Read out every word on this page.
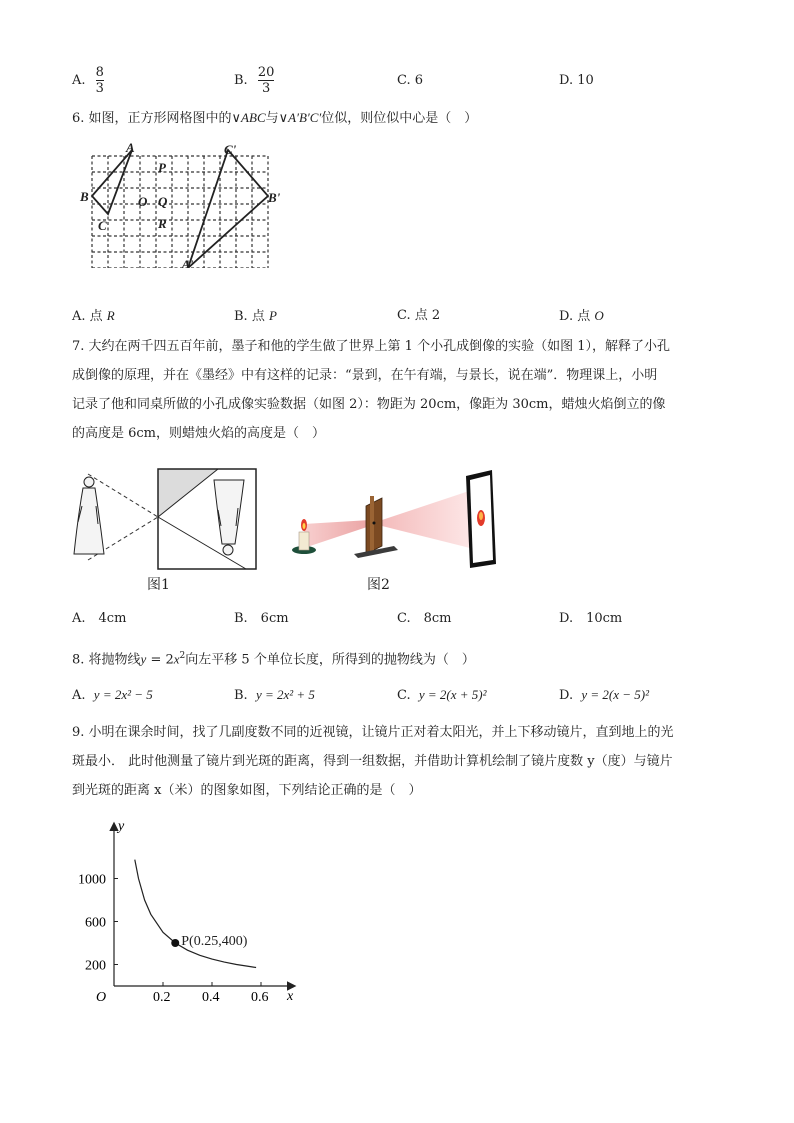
A. $\frac{8}{3}$	B. $\frac{20}{3}$	C. 6	D. 10
6. 如图，正方形网格图中的∨ABC与∨A′B′C′位似，则位似中心是（　）
A
B
C
P
O Q
R
C'
B'
A'
A. 点 R	B. 点 P	C. 点 2	D. 点 O
7. 大约在两千四五百年前，墨子和他的学生做了世界上第 1 个小孔成倒像的实验（如图 1），解释了小孔
成倒像的原理，并在《墨经》中有这样的记录：“景到，在午有端，与景长，说在端”．物理课上，小明
记录了他和同桌所做的小孔成像实验数据（如图 2）：物距为 20cm，像距为 30cm，蜡烛火焰倒立的像
的高度是 6cm，则蜡烛火焰的高度是（　）
图1	图2
A.　4cm	B.　6cm	C.　8cm	D.　10cm
8. 将抛物线$y = 2x^2$向左平移 5 个单位长度，所得到的抛物线为（　）
A. y = 2x² − 5	B. y = 2x² + 5	C. y = 2(x + 5)²	D. y = 2(x − 5)²
9. 小明在课余时间，找了几副度数不同的近视镜，让镜片正对着太阳光，并上下移动镜片，直到地上的光
斑最小． 此时他测量了镜片到光斑的距离，得到一组数据，并借助计算机绘制了镜片度数 y（度）与镜片
到光斑的距离 x（米）的图象如图，下列结论正确的是（　）
0.2 0.4 0.6
200
600
1000
P(0.25,400)
y
x
O
